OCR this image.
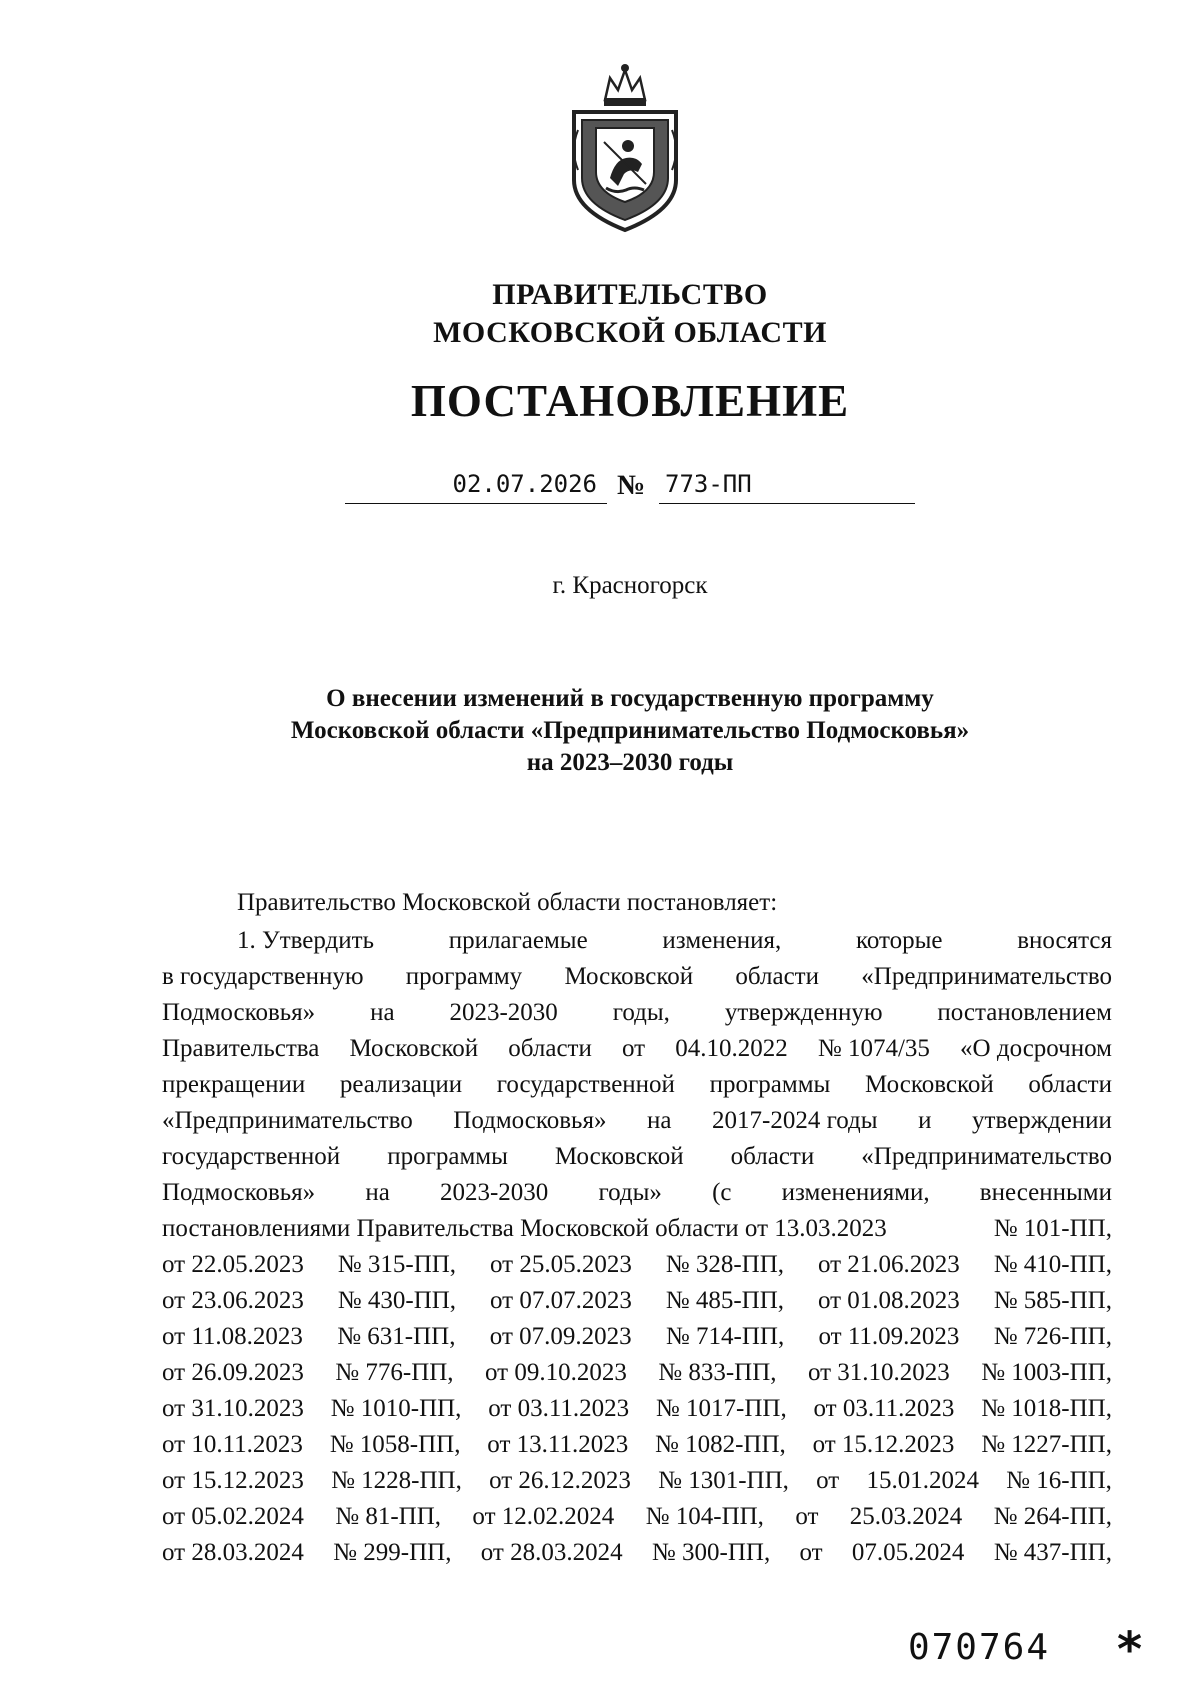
ПРАВИТЕЛЬСТВО
МОСКОВСКОЙ ОБЛАСТИ
ПОСТАНОВЛЕНИЕ
02.07.2026 № 773-ПП
г. Красногорск
О внесении изменений в государственную программу
Московской области «Предпринимательство Подмосковья»
на 2023–2030 годы

Правительство Московской области постановляет:

1. Утвердить	прилагаемые	изменения,	которые	вносятся
в государственную программу Московской области «Предпринимательство
Подмосковья» на 2023-2030 годы, утвержденную постановлением
Правительства Московской области от 04.10.2022 № 1074/35 «О досрочном
прекращении реализации государственной программы Московской области
«Предпринимательство Подмосковья» на 2017-2024 годы и утверждении
государственной программы Московской области «Предпринимательство
Подмосковья» на 2023-2030 годы» (с изменениями, внесенными
постановлениями Правительства Московской области от 13.03.2023	№ 101-ПП,
от 22.05.2023 № 315-ПП, от 25.05.2023 № 328-ПП, от 21.06.2023 № 410-ПП,
от 23.06.2023 № 430-ПП, от 07.07.2023 № 485-ПП, от 01.08.2023 № 585-ПП,
от 11.08.2023 № 631-ПП, от 07.09.2023 № 714-ПП, от 11.09.2023 № 726-ПП,
от 26.09.2023 № 776-ПП, от 09.10.2023 № 833-ПП, от 31.10.2023 № 1003-ПП,
от 31.10.2023 № 1010-ПП, от 03.11.2023 № 1017-ПП, от 03.11.2023 № 1018-ПП,
от 10.11.2023 № 1058-ПП, от 13.11.2023 № 1082-ПП, от 15.12.2023 № 1227-ПП,
от 15.12.2023 № 1228-ПП, от 26.12.2023 № 1301-ПП, от 15.01.2024 № 16-ПП,
от 05.02.2024 № 81-ПП, от 12.02.2024 № 104-ПП, от 25.03.2024 № 264-ПП,
от 28.03.2024 № 299-ПП, от 28.03.2024 № 300-ПП, от 07.05.2024 № 437-ПП,
070764 *
